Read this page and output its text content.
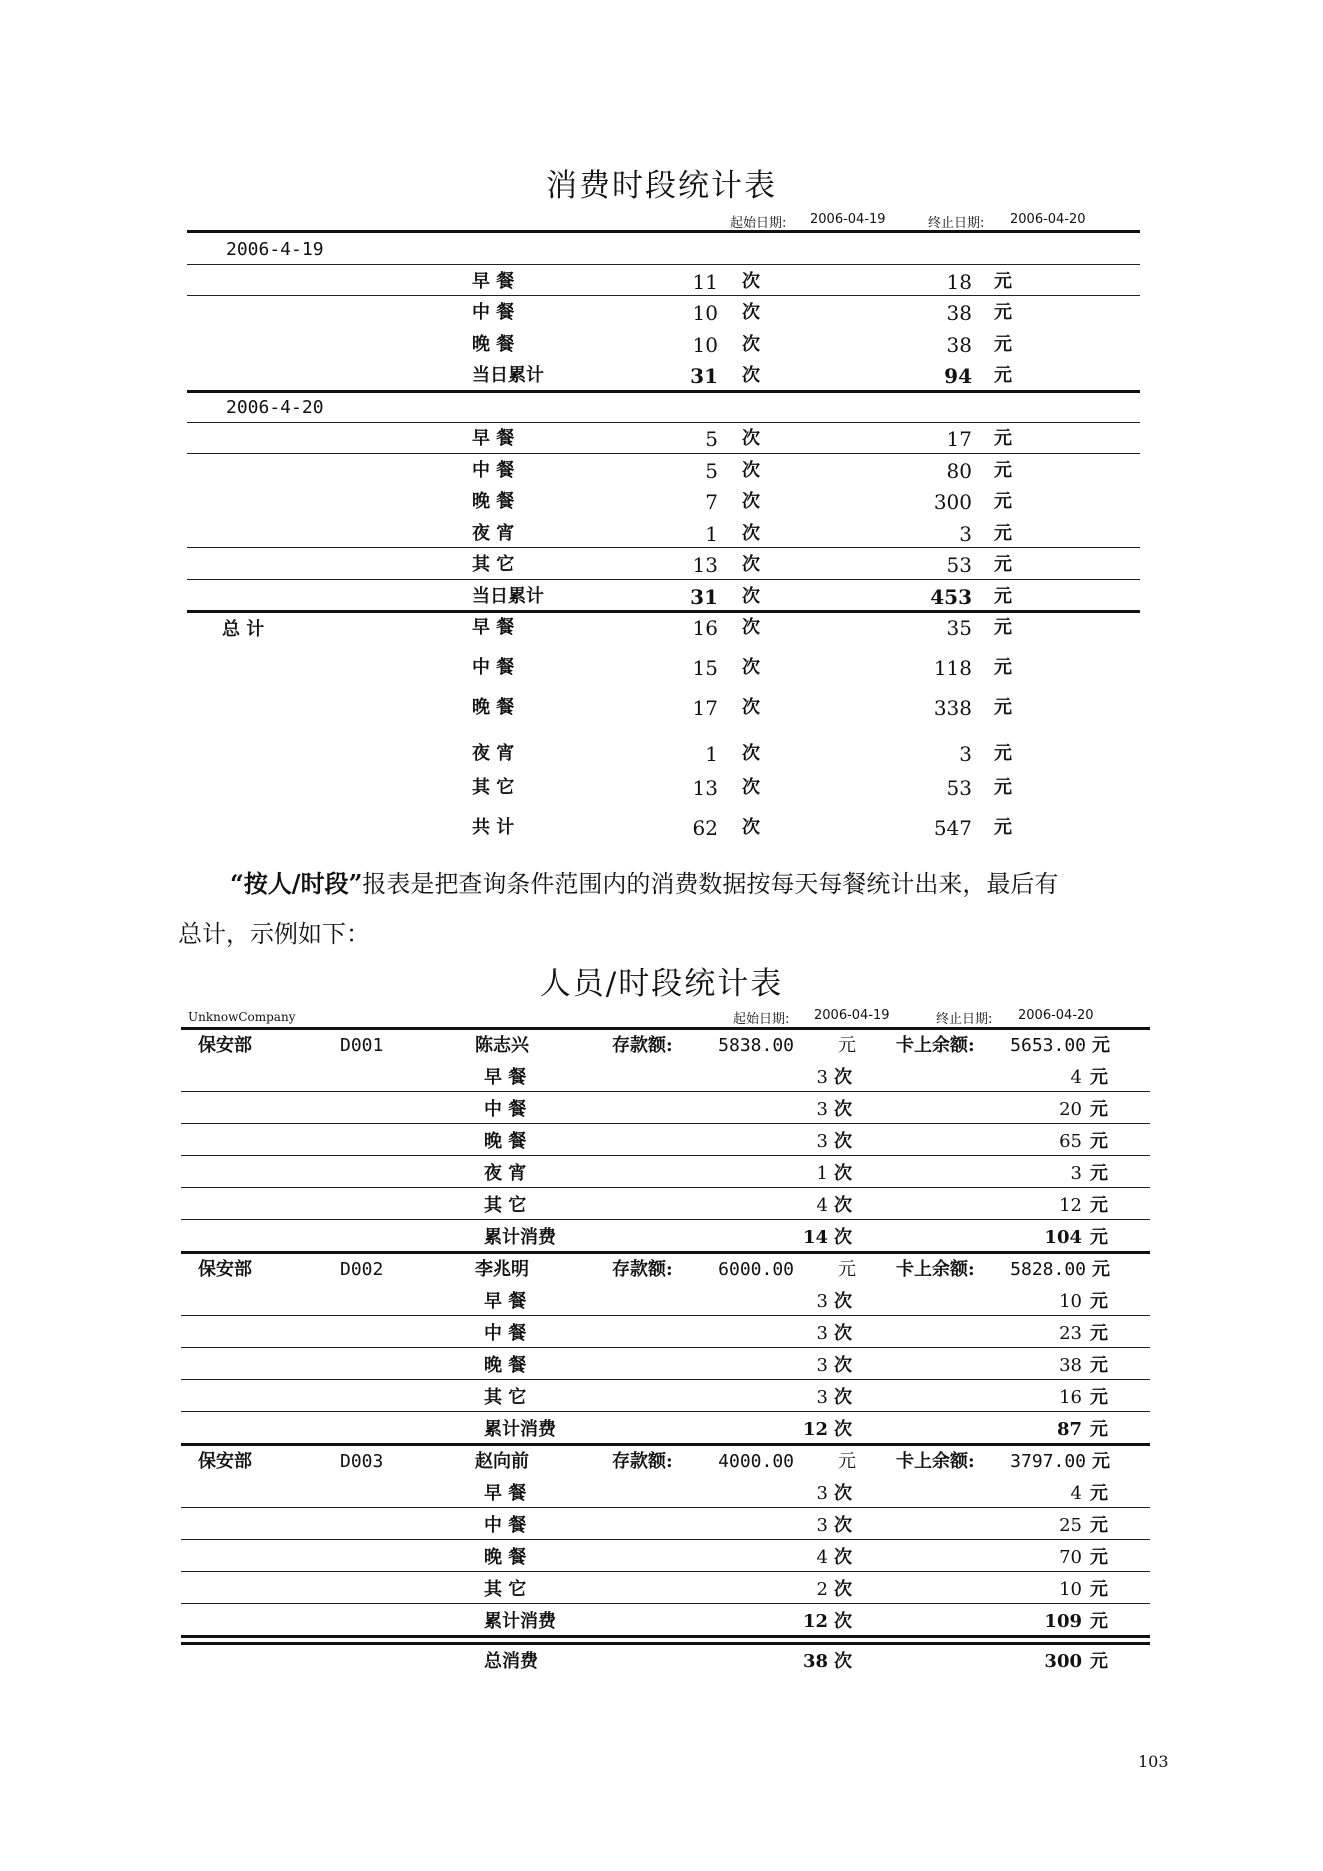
消费时段统计表
起始日期: 2006-04-19	终止日期: 2006-04-20
2006-4-19
早 餐	11 次	18 元
中 餐	10 次	38 元
晚 餐	10 次	38 元
当日累计	31 次	94 元
2006-4-20
早 餐	5 次	17 元
中 餐	5 次	80 元
晚 餐	7 次	300 元
夜 宵	1 次	3 元
其 它	13 次	53 元
当日累计	31 次	453 元
总 计	早 餐	16 次	35 元
中 餐	15 次	118 元
晚 餐	17 次	338 元
夜 宵	1 次	3 元
其 它	13 次	53 元
共 计	62 次	547 元
“按人/时段”报表是把查询条件范围内的消费数据按每天每餐统计出来，最后有
总计，示例如下：
人员/时段统计表
UnknowCompany	起始日期: 2006-04-19	终止日期: 2006-04-20
保安部	D001	陈志兴	存款额:	5838.00 元 卡上余额:	5653.00 元
早 餐	3 次	4 元
中 餐	3 次	20 元
晚 餐	3 次	65 元
夜 宵	1 次	3 元
其 它	4 次	12 元
累计消费	14 次	104 元
保安部	D002	李兆明	存款额:	6000.00 元 卡上余额:	5828.00 元
早 餐	3 次	10 元
中 餐	3 次	23 元
晚 餐	3 次	38 元
其 它	3 次	16 元
累计消费	12 次	87 元
保安部	D003	赵向前	存款额:	4000.00 元 卡上余额:	3797.00 元
早 餐	3 次	4 元
中 餐	3 次	25 元
晚 餐	4 次	70 元
其 它	2 次	10 元
累计消费	12 次	109 元
总消费	38 次	300 元
103
